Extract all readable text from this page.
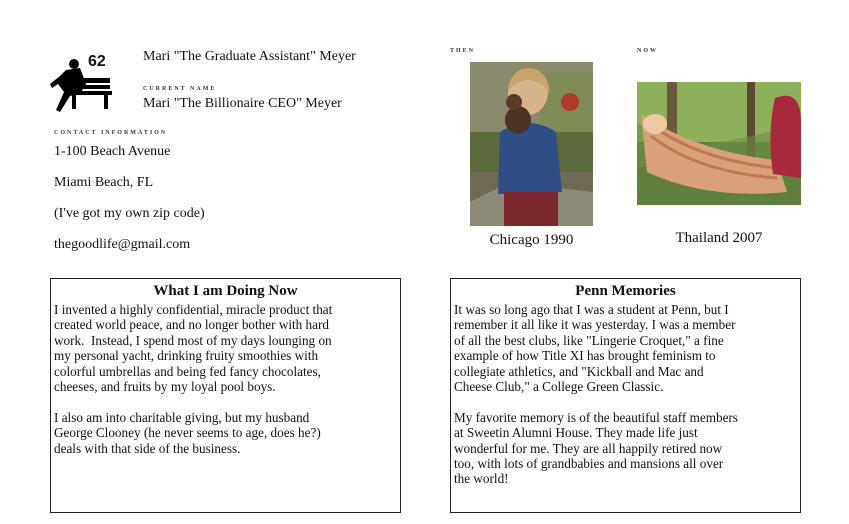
62	Mari "The Graduate Assistant" Meyer
CURRENT NAME
Mari "The Billionaire CEO" Meyer
CONTACT INFORMATION
1-100 Beach Avenue
Miami Beach, FL
(I've got my own zip code)
thegoodlife@gmail.com
THEN
Chicago 1990
NOW
Thailand 2007
What I am Doing Now
I invented a highly confidential, miracle product that
created world peace, and no longer bother with hard
work.  Instead, I spend most of my days lounging on
my personal yacht, drinking fruity smoothies with
colorful umbrellas and being fed fancy chocolates,
cheeses, and fruits by my loyal pool boys.

I also am into charitable giving, but my husband
George Clooney (he never seems to age, does he?)
deals with that side of the business.
Penn Memories
It was so long ago that I was a student at Penn, but I
remember it all like it was yesterday. I was a member
of all the best clubs, like "Lingerie Croquet," a fine
example of how Title XI has brought feminism to
collegiate athletics, and "Kickball and Mac and
Cheese Club," a College Green Classic.

My favorite memory is of the beautiful staff members
at Sweetin Alumni House. They made life just
wonderful for me. They are all happily retired now
too, with lots of grandbabies and mansions all over
the world!
